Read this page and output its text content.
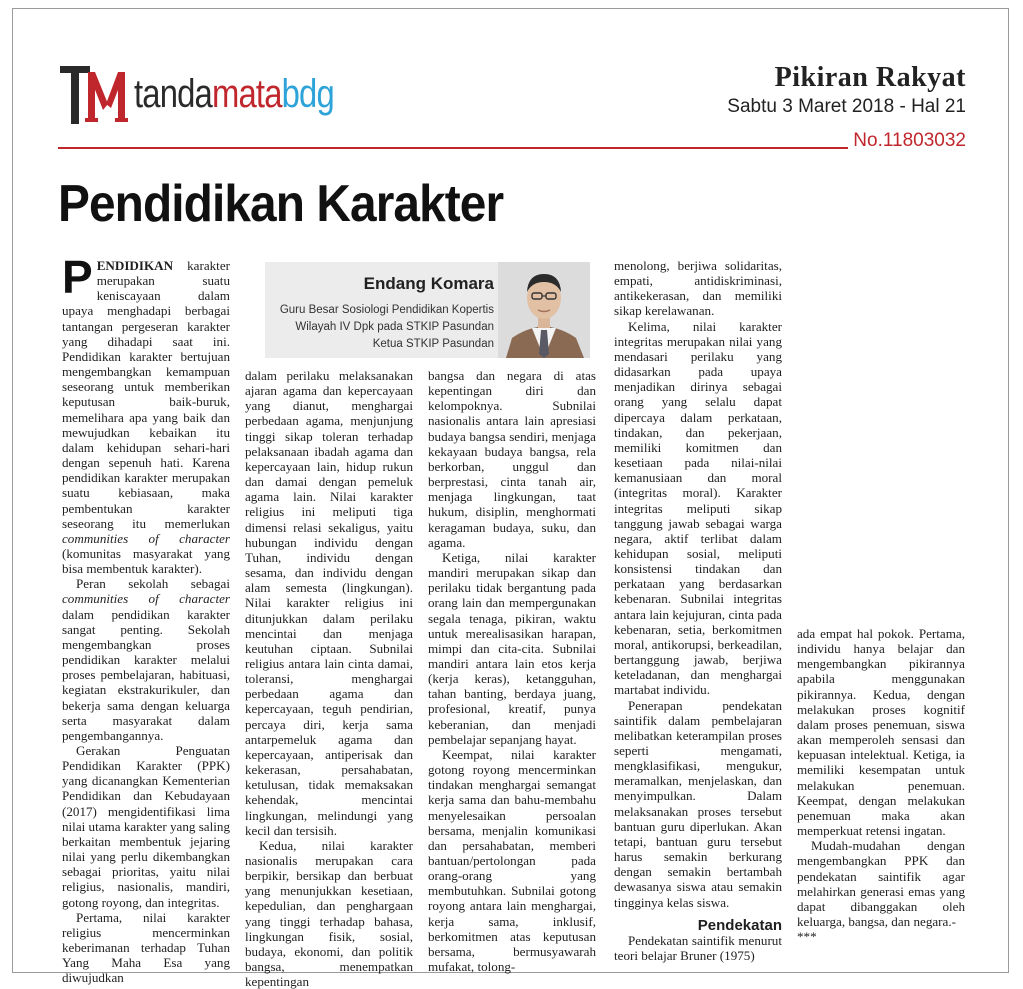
tandamatabdg	Pikiran Rakyat
Sabtu 3 Maret 2018 - Hal 21
No.11803032
Pendidikan Karakter
Endang Komara
Guru Besar Sosiologi Pendidikan Kopertis
Wilayah IV Dpk pada STKIP Pasundan
Ketua STKIP Pasundan

PENDIDIKAN karakter merupakan suatu keniscayaan dalam upaya menghadapi berbagai tantangan pergeseran karakter yang dihadapi saat ini. Pendidikan karakter bertujuan mengembangkan kemampuan seseorang untuk memberikan keputusan baik-buruk, memelihara apa yang baik dan mewujudkan kebaikan itu dalam kehidupan sehari-hari dengan sepenuh hati. Karena pendidikan karakter merupakan suatu kebiasaan, maka pembentukan karakter seseorang itu memerlukan communities of character (komunitas masyarakat yang bisa membentuk karakter).

Peran sekolah sebagai communities of character dalam pendidikan karakter sangat penting. Sekolah mengembangkan proses pendidikan karakter melalui proses pembelajaran, habituasi, kegiatan ekstrakurikuler, dan bekerja sama dengan keluarga serta masyarakat dalam pengembangannya.

Gerakan Penguatan Pendidikan Karakter (PPK) yang dicanangkan Kementerian Pendidikan dan Kebudayaan (2017) mengidentifikasi lima nilai utama karakter yang saling berkaitan membentuk jejaring nilai yang perlu dikembangkan sebagai prioritas, yaitu nilai religius, nasionalis, mandiri, gotong royong, dan integritas.

Pertama, nilai karakter religius mencerminkan keberimanan terhadap Tuhan Yang Maha Esa yang diwujudkan

dalam perilaku melaksanakan ajaran agama dan kepercayaan yang dianut, menghargai perbedaan agama, menjunjung tinggi sikap toleran terhadap pelaksanaan ibadah agama dan kepercayaan lain, hidup rukun dan damai dengan pemeluk agama lain. Nilai karakter religius ini meliputi tiga dimensi relasi sekaligus, yaitu hubungan individu dengan Tuhan, individu dengan sesama, dan individu dengan alam semesta (lingkungan). Nilai karakter religius ini ditunjukkan dalam perilaku mencintai dan menjaga keutuhan ciptaan. Subnilai religius antara lain cinta damai, toleransi, menghargai perbedaan agama dan kepercayaan, teguh pendirian, percaya diri, kerja sama antarpemeluk agama dan kepercayaan, antiperisak dan kekerasan, persahabatan, ketulusan, tidak memaksakan kehendak, mencintai lingkungan, melindungi yang kecil dan tersisih.

Kedua, nilai karakter nasionalis merupakan cara berpikir, bersikap dan berbuat yang menunjukkan kesetiaan, kepedulian, dan penghargaan yang tinggi terhadap bahasa, lingkungan fisik, sosial, budaya, ekonomi, dan politik bangsa, menempatkan kepentingan

bangsa dan negara di atas kepentingan diri dan kelompoknya. Subnilai nasionalis antara lain apresiasi budaya bangsa sendiri, menjaga kekayaan budaya bangsa, rela berkorban, unggul dan berprestasi, cinta tanah air, menjaga lingkungan, taat hukum, disiplin, menghormati keragaman budaya, suku, dan agama.

Ketiga, nilai karakter mandiri merupakan sikap dan perilaku tidak bergantung pada orang lain dan mempergunakan segala tenaga, pikiran, waktu untuk merealisasikan harapan, mimpi dan cita-cita. Subnilai mandiri antara lain etos kerja (kerja keras), ketangguhan, tahan banting, berdaya juang, profesional, kreatif, punya keberanian, dan menjadi pembelajar sepanjang hayat.

Keempat, nilai karakter gotong royong mencerminkan tindakan menghargai semangat kerja sama dan bahu-membahu menyelesaikan persoalan bersama, menjalin komunikasi dan persahabatan, memberi bantuan/pertolongan pada orang-orang yang membutuhkan. Subnilai gotong royong antara lain menghargai, kerja sama, inklusif, berkomitmen atas keputusan bersama, bermusyawarah mufakat, tolong-

menolong, berjiwa solidaritas, empati, antidiskriminasi, antikekerasan, dan memiliki sikap kerelawanan.

Kelima, nilai karakter integritas merupakan nilai yang mendasari perilaku yang didasarkan pada upaya menjadikan dirinya sebagai orang yang selalu dapat dipercaya dalam perkataan, tindakan, dan pekerjaan, memiliki komitmen dan kesetiaan pada nilai-nilai kemanusiaan dan moral (integritas moral). Karakter integritas meliputi sikap tanggung jawab sebagai warga negara, aktif terlibat dalam kehidupan sosial, meliputi konsistensi tindakan dan perkataan yang berdasarkan kebenaran. Subnilai integritas antara lain kejujuran, cinta pada kebenaran, setia, berkomitmen moral, antikorupsi, berkeadilan, bertanggung jawab, berjiwa keteladanan, dan menghargai martabat individu.

Penerapan pendekatan saintifik dalam pembelajaran melibatkan keterampilan proses seperti mengamati, mengklasifikasi, mengukur, meramalkan, menjelaskan, dan menyimpulkan. Dalam melaksanakan proses tersebut bantuan guru diperlukan. Akan tetapi, bantuan guru tersebut harus semakin berkurang dengan semakin bertambah dewasanya siswa atau semakin tingginya kelas siswa.

Pendekatan

Pendekatan saintifik menurut teori belajar Bruner (1975)

ada empat hal pokok. Pertama, individu hanya belajar dan mengembangkan pikirannya apabila menggunakan pikirannya. Kedua, dengan melakukan proses kognitif dalam proses penemuan, siswa akan memperoleh sensasi dan kepuasan intelektual. Ketiga, ia memiliki kesempatan untuk melakukan penemuan. Keempat, dengan melakukan penemuan maka akan memperkuat retensi ingatan.

Mudah-mudahan dengan mengembangkan PPK dan pendekatan saintifik agar melahirkan generasi emas yang dapat dibanggakan oleh keluarga, bangsa, dan negara.-

***
